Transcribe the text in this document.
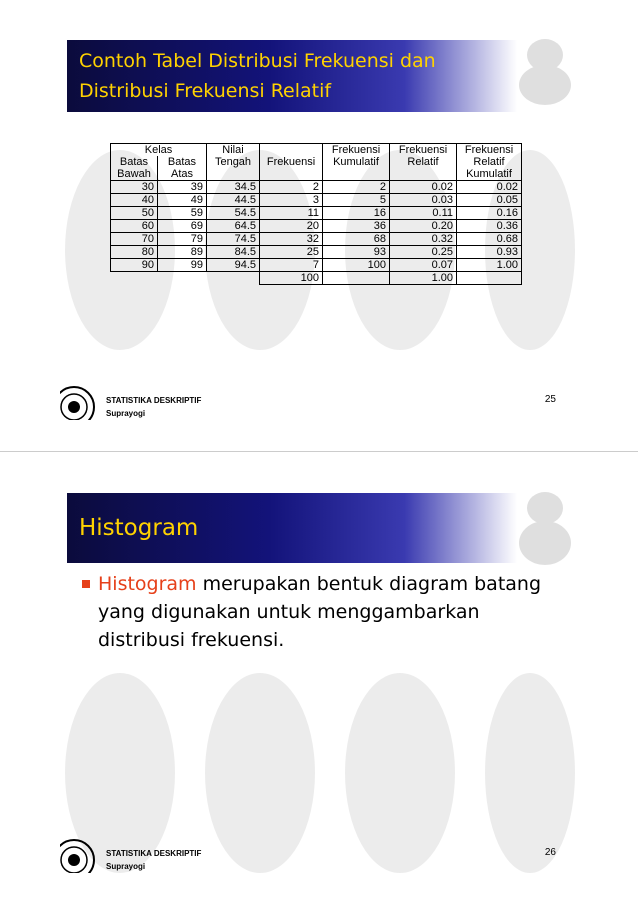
Contoh Tabel Distribusi Frekuensi dan
Distribusi Frekuensi Relatif
Kelas		Nilai		Frekuensi	Frekuensi	Frekuensi
Batas	Batas	Tengah	Frekuensi	Kumulatif	Relatif	Relatif
Bawah	Atas					Kumulatif
30	39	34.5	2	2	0.02	0.02
40	49	44.5	3	5	0.03	0.05
50	59	54.5	11	16	0.11	0.16
60	69	64.5	20	36	0.20	0.36
70	79	74.5	32	68	0.32	0.68
80	89	84.5	25	93	0.25	0.93
90	99	94.5	7	100	0.07	1.00
			100		1.00	
STATISTIKA DESKRIPTIF
Suprayogi
25
Histogram
Histogram merupakan bentuk diagram batang
yang digunakan untuk menggambarkan
distribusi frekuensi.
STATISTIKA DESKRIPTIF
Suprayogi
26
